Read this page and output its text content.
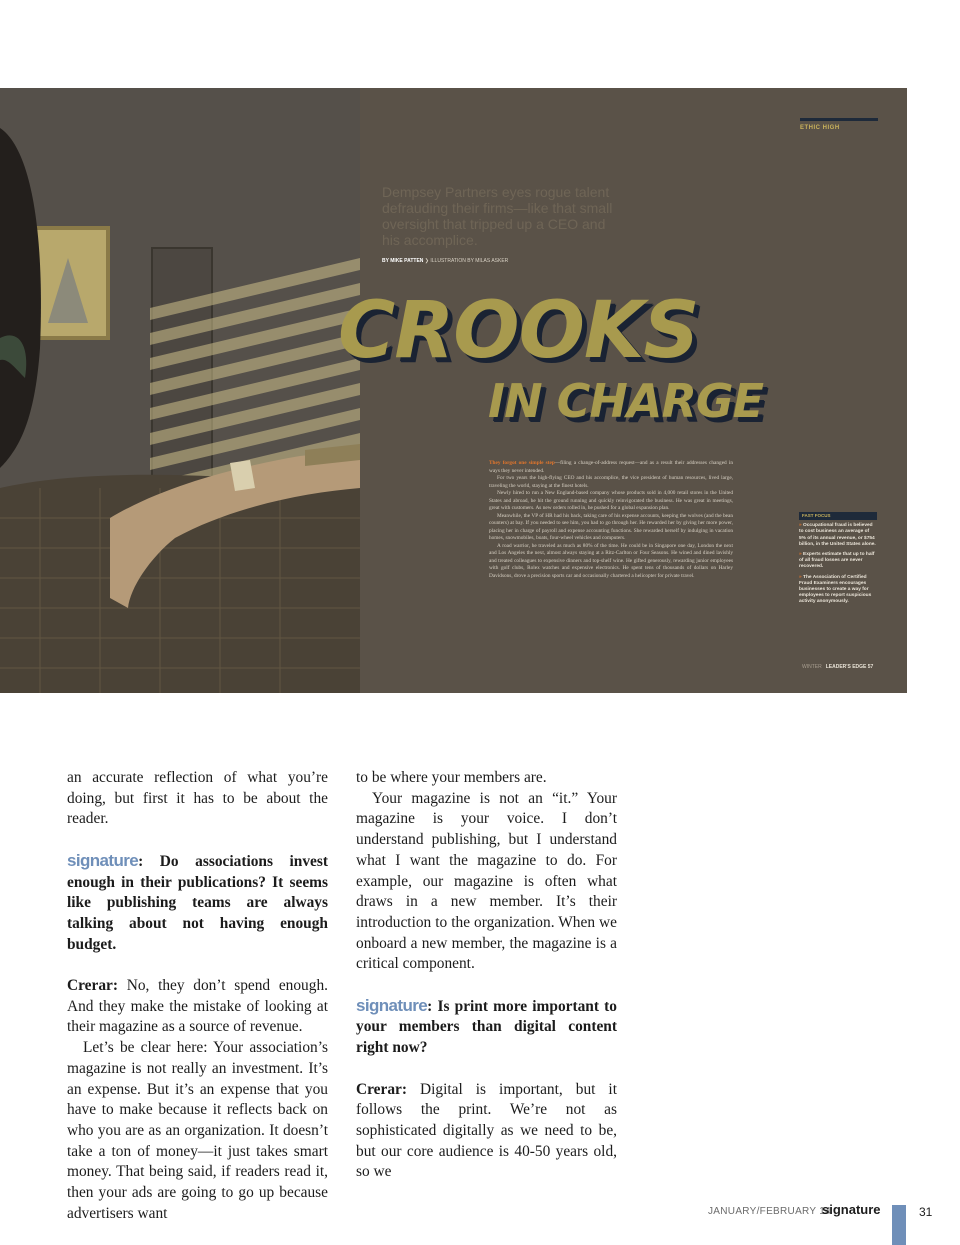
ETHIC HIGH
Dempsey Partners eyes rogue talent defrauding their firms—like that small oversight that tripped up a CEO and his accomplice.
BY MIKE PATTEN ❯ ILLUSTRATION BY MILAS ASKER
CROOKS
IN CHARGE

They forgot one simple step—filing a change-of-address request—and as a result their addresses changed in ways they never intended.

For two years the high-flying CEO and his accomplice, the vice president of human resources, lived large, traveling the world, staying at the finest hotels.

Newly hired to run a New England-based company whose products sold in 4,000 retail stores in the United States and abroad, he hit the ground running and quickly reinvigorated the business. He was great in meetings, great with customers. As new orders rolled in, he pushed for a global expansion plan.

Meanwhile, the VP of HR had his back, taking care of his expense accounts, keeping the wolves (and the bean counters) at bay. If you needed to see him, you had to go through her. He rewarded her by giving her more power, placing her in charge of payroll and expense accounting functions. She rewarded herself by indulging in vacation homes, snowmobiles, boats, four-wheel vehicles and computers.

A road warrior, he traveled as much as 80% of the time. He could be in Singapore one day, London the next and Los Angeles the next, almost always staying at a Ritz-Carlton or Four Seasons. He wined and dined lavishly and treated colleagues to expensive dinners and top-shelf wine. He gifted generously, rewarding junior employees with golf clubs, Rolex watches and expensive electronics. He spent tens of thousands of dollars on Harley Davidsons, drove a precision sports car and occasionally chartered a helicopter for private travel.

FAST FOCUS
» Occupational fraud is believed to cost business an average of 5% of its annual revenue, or $754 billion, in the United States alone.
» Experts estimate that up to half of all fraud losses are never recovered.
» The Association of Certified Fraud Examiners encourages businesses to create a way for employees to report suspicious activity anonymously.
WINTER LEADER'S EDGE 57

an accurate reflection of what you’re doing, but first it has to be about the reader.

signature: Do associations invest enough in their publications? It seems like publishing teams are always talking about not having enough budget.

Crerar: No, they don’t spend enough. And they make the mistake of looking at their magazine as a source of revenue.

Let’s be clear here: Your association’s magazine is not really an investment. It’s an expense. But it’s an expense that you have to make because it reflects back on who you are as an organization. It doesn’t take a ton of money—it just takes smart money. That being said, if readers read it, then your ads are going to go up because advertisers want

to be where your members are.

Your magazine is not an “it.” Your magazine is your voice. I don’t understand publishing, but I understand what I want the magazine to do. For example, our magazine is often what draws in a new member. It’s their introduction to the organization. When we onboard a new member, the magazine is a critical component.

signature: Is print more important to your members than digital content right now?

Crerar: Digital is important, but it follows the print. We’re not as sophisticated digitally as we need to be, but our core audience is 40-50 years old, so we

JANUARY/FEBRUARY 14
signature	31
